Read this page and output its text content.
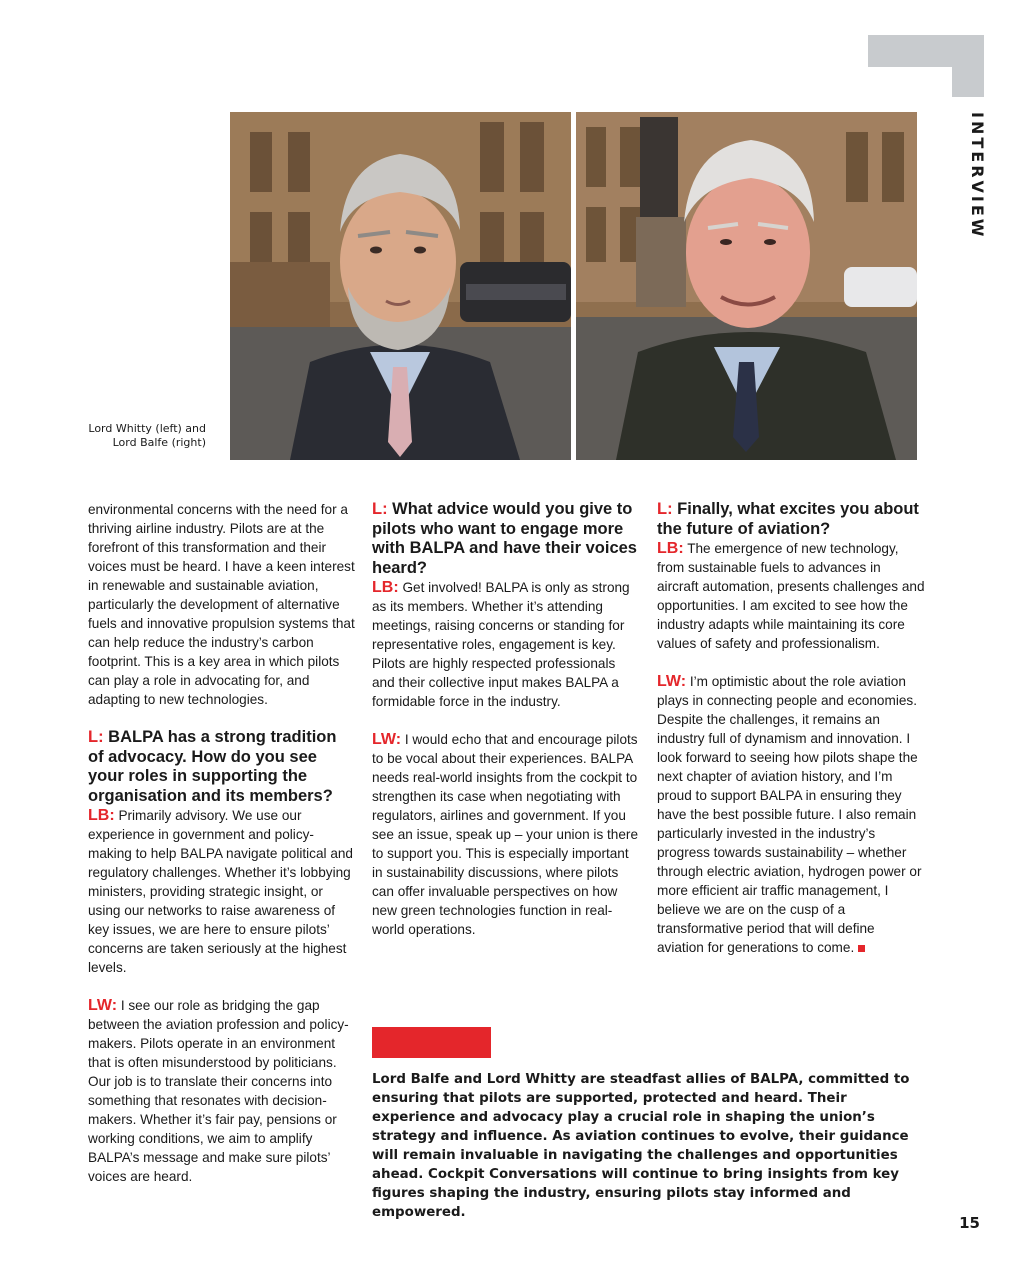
INTERVIEW
Lord Whitty (left) and
Lord Balfe (right)

environmental concerns with the need for a thriving airline industry. Pilots are at the forefront of this transformation and their voices must be heard. I have a keen interest in renewable and sustainable aviation, particularly the development of alternative fuels and innovative propulsion systems that can help reduce the industry’s carbon footprint. This is a key area in which pilots can play a role in advocating for, and adapting to new technologies.

L: BALPA has a strong tradition of advocacy. How do you see your roles in supporting the organisation and its members?

LB: Primarily advisory. We use our experience in government and policy-making to help BALPA navigate political and regulatory challenges. Whether it’s lobbying ministers, providing strategic insight, or using our networks to raise awareness of key issues, we are here to ensure pilots’ concerns are taken seriously at the highest levels.

LW: I see our role as bridging the gap between the aviation profession and policy-makers. Pilots operate in an environment that is often misunderstood by politicians. Our job is to translate their concerns into something that resonates with decision-makers. Whether it’s fair pay, pensions or working conditions, we aim to amplify BALPA’s message and make sure pilots’ voices are heard.

L: What advice would you give to pilots who want to engage more with BALPA and have their voices heard?

LB: Get involved! BALPA is only as strong as its members. Whether it’s attending meetings, raising concerns or standing for representative roles, engagement is key. Pilots are highly respected professionals and their collective input makes BALPA a formidable force in the industry.

LW: I would echo that and encourage pilots to be vocal about their experiences. BALPA needs real-world insights from the cockpit to strengthen its case when negotiating with regulators, airlines and government. If you see an issue, speak up – your union is there to support you. This is especially important in sustainability discussions, where pilots can offer invaluable perspectives on how new green technologies function in real-world operations.

L: Finally, what excites you about the future of aviation?

LB: The emergence of new technology, from sustainable fuels to advances in aircraft automation, presents challenges and opportunities. I am excited to see how the industry adapts while maintaining its core values of safety and professionalism.

LW: I’m optimistic about the role aviation plays in connecting people and economies. Despite the challenges, it remains an industry full of dynamism and innovation. I look forward to seeing how pilots shape the next chapter of aviation history, and I’m proud to support BALPA in ensuring they have the best possible future. I also remain particularly invested in the industry’s progress towards sustainability – whether through electric aviation, hydrogen power or more efficient air traffic management, I believe we are on the cusp of a transformative period that will define aviation for generations to come.

Lord Balfe and Lord Whitty are steadfast allies of BALPA, committed to ensuring that pilots are supported, protected and heard. Their experience and advocacy play a crucial role in shaping the union’s strategy and influence. As aviation continues to evolve, their guidance will remain invaluable in navigating the challenges and opportunities ahead. Cockpit Conversations will continue to bring insights from key figures shaping the industry, ensuring pilots stay informed and empowered.
15
